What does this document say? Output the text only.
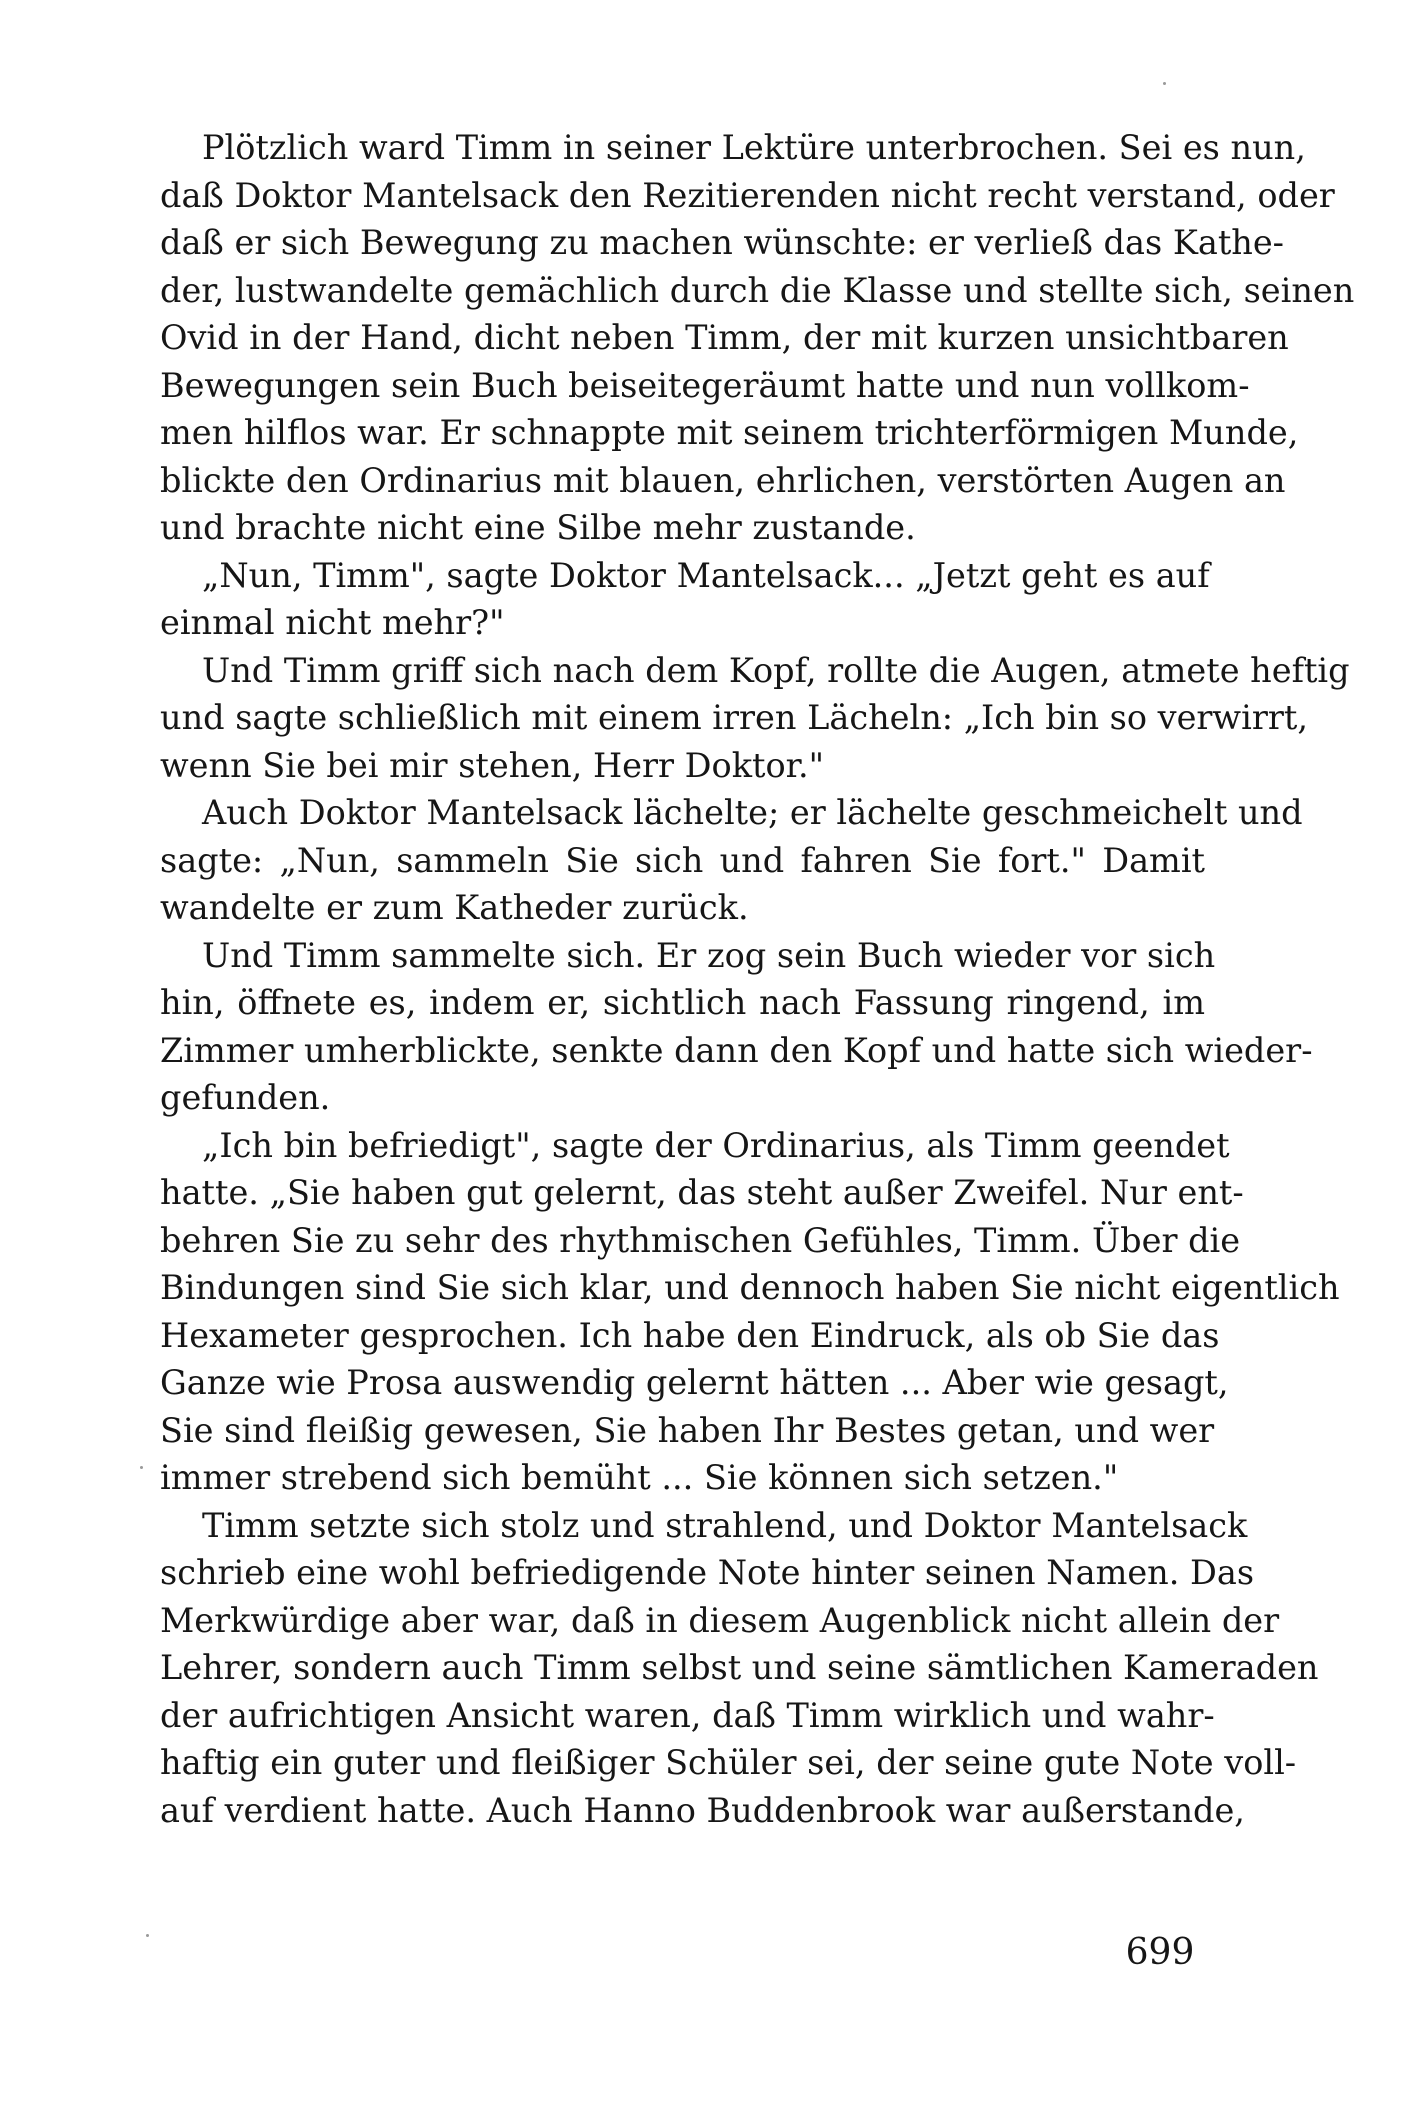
Plötzlich ward Timm in seiner Lektüre unterbrochen. Sei es nun,
daß Doktor Mantelsack den Rezitierenden nicht recht verstand, oder
daß er sich Bewegung zu machen wünschte: er verließ das Kathe-
der, lustwandelte gemächlich durch die Klasse und stellte sich, seinen
Ovid in der Hand, dicht neben Timm, der mit kurzen unsichtbaren
Bewegungen sein Buch beiseitegeräumt hatte und nun vollkom-
men hilflos war. Er schnappte mit seinem trichterförmigen Munde,
blickte den Ordinarius mit blauen, ehrlichen, verstörten Augen an
und brachte nicht eine Silbe mehr zustande.
„Nun, Timm", sagte Doktor Mantelsack... „Jetzt geht es auf
einmal nicht mehr?"
Und Timm griff sich nach dem Kopf, rollte die Augen, atmete heftig
und sagte schließlich mit einem irren Lächeln: „Ich bin so verwirrt,
wenn Sie bei mir stehen, Herr Doktor."
Auch Doktor Mantelsack lächelte; er lächelte geschmeichelt und
sagte: „Nun, sammeln Sie sich und fahren Sie fort." Damit
wandelte er zum Katheder zurück.
Und Timm sammelte sich. Er zog sein Buch wieder vor sich
hin, öffnete es, indem er, sichtlich nach Fassung ringend, im
Zimmer umherblickte, senkte dann den Kopf und hatte sich wieder-
gefunden.
„Ich bin befriedigt", sagte der Ordinarius, als Timm geendet
hatte. „Sie haben gut gelernt, das steht außer Zweifel. Nur ent-
behren Sie zu sehr des rhythmischen Gefühles, Timm. Über die
Bindungen sind Sie sich klar, und dennoch haben Sie nicht eigentlich
Hexameter gesprochen. Ich habe den Eindruck, als ob Sie das
Ganze wie Prosa auswendig gelernt hätten ... Aber wie gesagt,
Sie sind fleißig gewesen, Sie haben Ihr Bestes getan, und wer
immer strebend sich bemüht ... Sie können sich setzen."
Timm setzte sich stolz und strahlend, und Doktor Mantelsack
schrieb eine wohl befriedigende Note hinter seinen Namen. Das
Merkwürdige aber war, daß in diesem Augenblick nicht allein der
Lehrer, sondern auch Timm selbst und seine sämtlichen Kameraden
der aufrichtigen Ansicht waren, daß Timm wirklich und wahr-
haftig ein guter und fleißiger Schüler sei, der seine gute Note voll-
auf verdient hatte. Auch Hanno Buddenbrook war außerstande,
699
